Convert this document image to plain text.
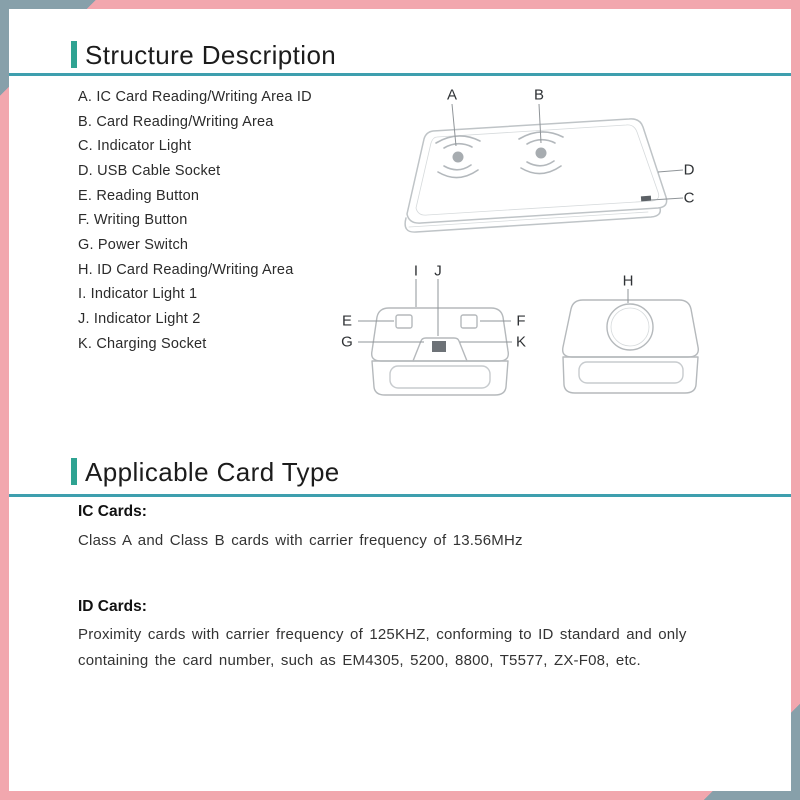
Structure Description
A. IC Card Reading/Writing Area ID
B. Card Reading/Writing Area
C. Indicator Light
D. USB Cable Socket
E. Reading Button
F. Writing Button
G. Power Switch
H. ID Card Reading/Writing Area
I. Indicator Light 1
J. Indicator Light 2
K. Charging Socket
A	B
D
C
I J
E
G
F
K
H
Applicable Card Type
IC Cards:
Class A and Class B cards with carrier frequency of 13.56MHz
ID Cards:
Proximity cards with carrier frequency of 125KHZ, conforming to ID standard and only containing the card number, such as EM4305, 5200, 8800, T5577, ZX-F08, etc.
